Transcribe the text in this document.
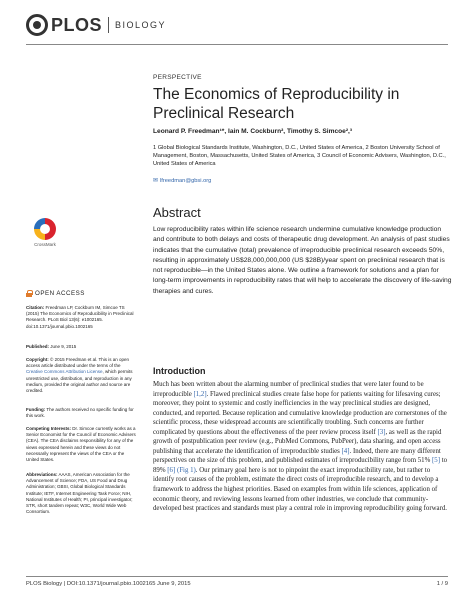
PLOS BIOLOGY
PERSPECTIVE
The Economics of Reproducibility in Preclinical Research
Leonard P. Freedman¹*, Iain M. Cockburn², Timothy S. Simcoe²,³
1 Global Biological Standards Institute, Washington, D.C., United States of America, 2 Boston University School of Management, Boston, Massachusetts, United States of America, 3 Council of Economic Advisers, Washington, D.C., United States of America
✉ lfreedman@gbsi.org
Abstract

Low reproducibility rates within life science research undermine cumulative knowledge production and contribute to both delays and costs of therapeutic drug development. An analysis of past studies indicates that the cumulative (total) prevalence of irreproducible preclinical research exceeds 50%, resulting in approximately US$28,000,000,000 (US $28B)/year spent on preclinical research that is not reproducible—in the United States alone. We outline a framework for solutions and a plan for long-term improvements in reproducibility rates that will help to accelerate the discovery of life-saving therapies and cures.

Introduction

Much has been written about the alarming number of preclinical studies that were later found to be irreproducible [1,2]. Flawed preclinical studies create false hope for patients waiting for lifesaving cures; moreover, they point to systemic and costly inefficiencies in the way preclinical studies are designed, conducted, and reported. Because replication and cumulative knowledge production are cornerstones of the scientific process, these widespread accounts are scientifically troubling. Such concerns are further complicated by questions about the effectiveness of the peer review process itself [3], as well as the rapid growth of postpublication peer review (e.g., PubMed Commons, PubPeer), data sharing, and open access publishing that accelerate the identification of irreproducible studies [4]. Indeed, there are many different perspectives on the size of this problem, and published estimates of irreproducibility range from 51% [5] to 89% [6] (Fig 1). Our primary goal here is not to pinpoint the exact irreproducibility rate, but rather to identify root causes of the problem, estimate the direct costs of irreproducible research, and to develop a framework to address the highest priorities. Based on examples from within life sciences, application of economic theory, and reviewing lessons learned from other industries, we conclude that community-developed best practices and standards must play a central role in improving reproducibility going forward.

CrossMark
OPEN ACCESS
Citation: Freedman LP, Cockburn IM, Simcoe TS (2015) The Economics of Reproducibility in Preclinical Research. PLoS Biol 13(6): e1002165. doi:10.1371/journal.pbio.1002165
Published: June 9, 2015
Copyright: © 2015 Freedman et al. This is an open access article distributed under the terms of the Creative Commons Attribution License, which permits unrestricted use, distribution, and reproduction in any medium, provided the original author and source are credited.
Funding: The authors received no specific funding for this work.
Competing Interests: Dr. Simcoe currently works as a Senior Economist for the Council of Economic Advisers (CEA). The CEA disclaims responsibility for any of the views expressed herein and these views do not necessarily represent the views of the CEA or the United States.
Abbreviations: AAAS, American Association for the Advancement of Science; FDA, US Food and Drug Administration; GBSI, Global Biological Standards Institute; IETF, Internet Engineering Task Force; NIH, National Institutes of Health; PI, principal investigator; STR, short tandem repeat; W3C, World Wide Web Consortium.
PLOS Biology | DOI:10.1371/journal.pbio.1002165 June 9, 2015	1 / 9
